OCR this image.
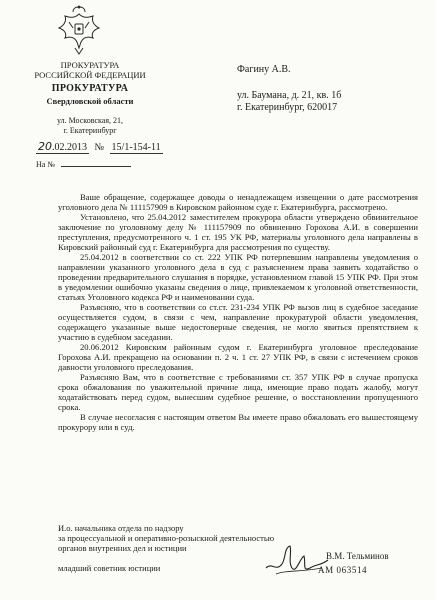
ПРОКУРАТУРА
РОССИЙСКОЙ ФЕДЕРАЦИИ
ПРОКУРАТУРА
Свердловской области
ул. Московская, 21,
г. Екатеринбург
20.02.2013 № 15/1-154-11
На №
Фагину А.В.
ул. Баумана, д. 21, кв. 1б
г. Екатеринбург, 620017

Ваше обращение, содержащее доводы о ненадлежащем извещении о дате рассмотрения уголовного дела № 111157909 в Кировском районном суде г. Екатеринбурга, рассмотрено.

Установлено, что 25.04.2012 заместителем прокурора области утверждено обвинительное заключение по уголовному делу № 111157909 по обвинению Горохова А.И. в совершении преступления, предусмотренного ч. 1 ст. 195 УК РФ, материалы уголовного дела направлены в Кировский районный суд г. Екатеринбурга для рассмотрения по существу.

25.04.2012 в соответствии со ст. 222 УПК РФ потерпевшим направлены уведомления о направлении указанного уголовного дела в суд с разъяснением права заявить ходатайство о проведении предварительного слушания в порядке, установленном главой 15 УПК РФ. При этом в уведомлении ошибочно указаны сведения о лице, привлекаемом к уголовной ответственности, статьях Уголовного кодекса РФ и наименовании суда.

Разъясняю, что в соответствии со ст.ст. 231-234 УПК РФ вызов лиц в судебное заседание осуществляется судом, в связи с чем, направление прокуратурой области уведомления, содержащего указанные выше недостоверные сведения, не могло явиться препятствием к участию в судебном заседании.

20.06.2012 Кировским районным судом г. Екатеринбурга уголовное преследование Горохова А.И. прекращено на основании п. 2 ч. 1 ст. 27 УПК РФ, в связи с истечением сроков давности уголовного преследования.

Разъясняю Вам, что в соответствие с требованиями ст. 357 УПК РФ в случае пропуска срока обжалования по уважительной причине лица, имеющие право подать жалобу, могут ходатайствовать перед судом, вынесшим судебное решение, о восстановлении пропущенного срока.

В случае несогласия с настоящим ответом Вы имеете право обжаловать его вышестоящему прокурору или в суд.

И.о. начальника отдела по надзору
за процессуальной и оперативно-розыскной деятельностью
органов внутренних дел и юстиции
младший советник юстиции
В.М. Тельминов
АМ 063514
